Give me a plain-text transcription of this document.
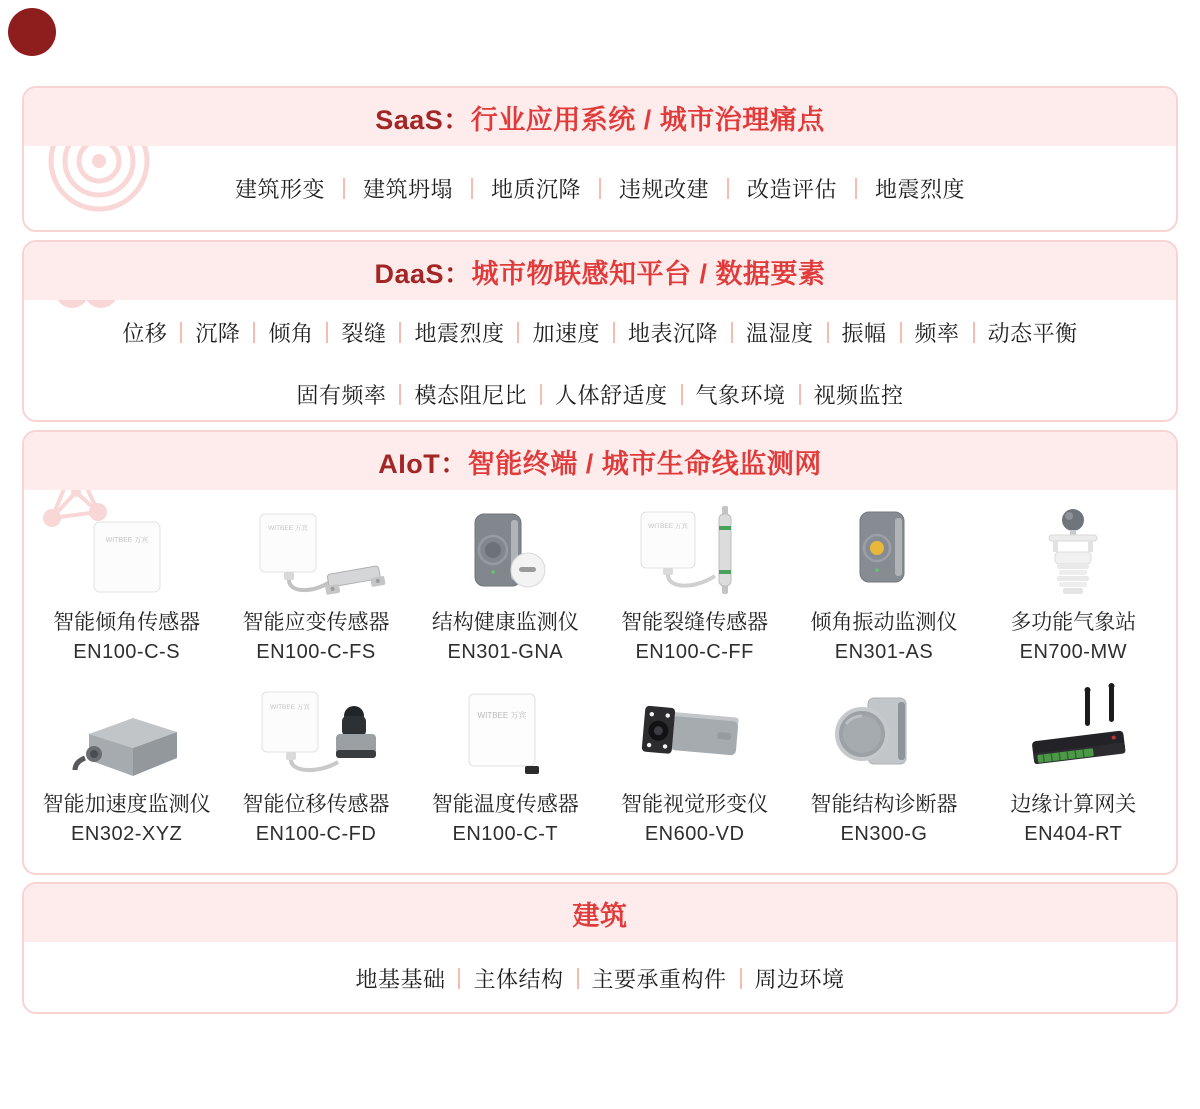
SaaS： 行业应用系统 / 城市治理痛点
建筑形变 建筑坍塌 地质沉降 违规改建 改造评估 地震烈度
DaaS： 城市物联感知平台 / 数据要素
位移 沉降 倾角 裂缝 地震烈度 加速度 地表沉降 温湿度 振幅 频率 动态平衡
固有频率 模态阻尼比 人体舒适度 气象环境 视频监控
AIoT： 智能终端 / 城市生命线监测网
WITBEE 万宾
智能倾角传感器
EN100-C-S
WITBEE 万宾
智能应变传感器
EN100-C-FS
结构健康监测仪
EN301-GNA
WITBEE 万宾
智能裂缝传感器
EN100-C-FF
倾角振动监测仪
EN301-AS
多功能气象站
EN700-MW
智能加速度监测仪
EN302-XYZ
WITBEE 万宾
智能位移传感器
EN100-C-FD
WITBEE 万宾
智能温度传感器
EN100-C-T
智能视觉形变仪
EN600-VD
智能结构诊断器
EN300-G
边缘计算网关
EN404-RT
建筑
地基基础 主体结构 主要承重构件 周边环境
